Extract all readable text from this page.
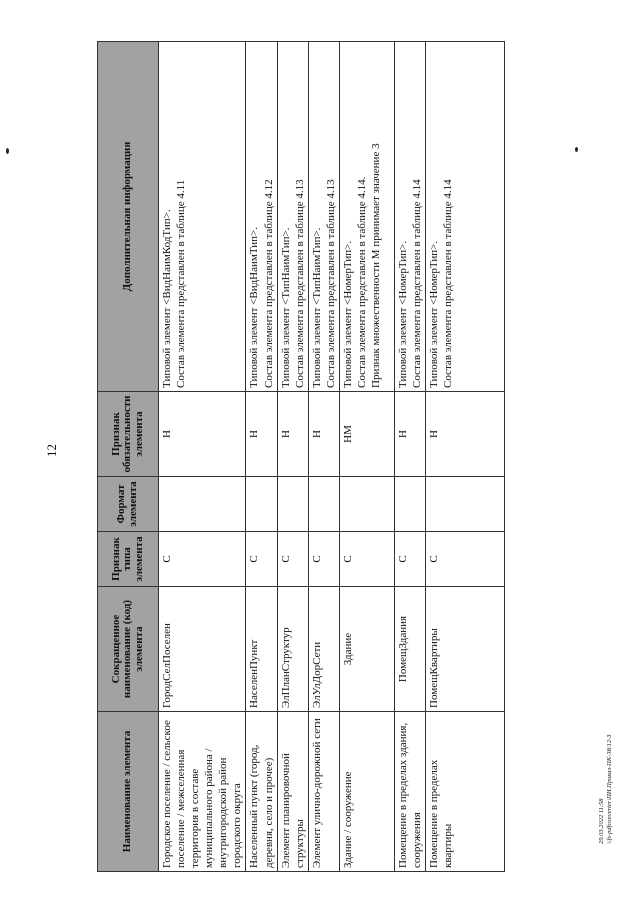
12
29.03.2022 11:58 \\fs-pdfconverter\ПИ.Приказ-ПК-38/12-3
Наименование элемента	Сокращенное наименование (код) элемента	Признак типа элемента	Формат элемента	Признак обязательности элемента	Дополнительная информация
Городское поселение / сельское поселение / межселенная территория в составе муниципального района / внутригородской район городского округа	ГородСелПоселен	С		Н	Типовой элемент <ВидНаимКодТип>. Состав элемента представлен в таблице 4.11

Населенный пункт (город, деревня, село и прочее)	НаселенПункт	С		Н	Типовой элемент <ВидНаимТип>. Состав элемента представлен в таблице 4.12

Элемент планировочной структуры	ЭлПланСтруктур	С		Н	Типовой элемент <ТипНаимТип>. Состав элемента представлен в таблице 4.13

Элемент улично-дорожной сети	ЭлУлДорСети	С		Н	Типовой элемент <ТипНаимТип>. Состав элемента представлен в таблице 4.13

Здание / сооружение	Здание	С		НМ	Типовой элемент <НомерТип>. Состав элемента представлен в таблице 4.14. Признак множественности М принимает значение 3

Помещение в пределах здания, сооружения	ПомещЗдания	С		Н	Типовой элемент <НомерТип>. Состав элемента представлен в таблице 4.14

Помещение в пределах квартиры	ПомещКвартиры	С		Н	Типовой элемент <НомерТип>. Состав элемента представлен в таблице 4.14
